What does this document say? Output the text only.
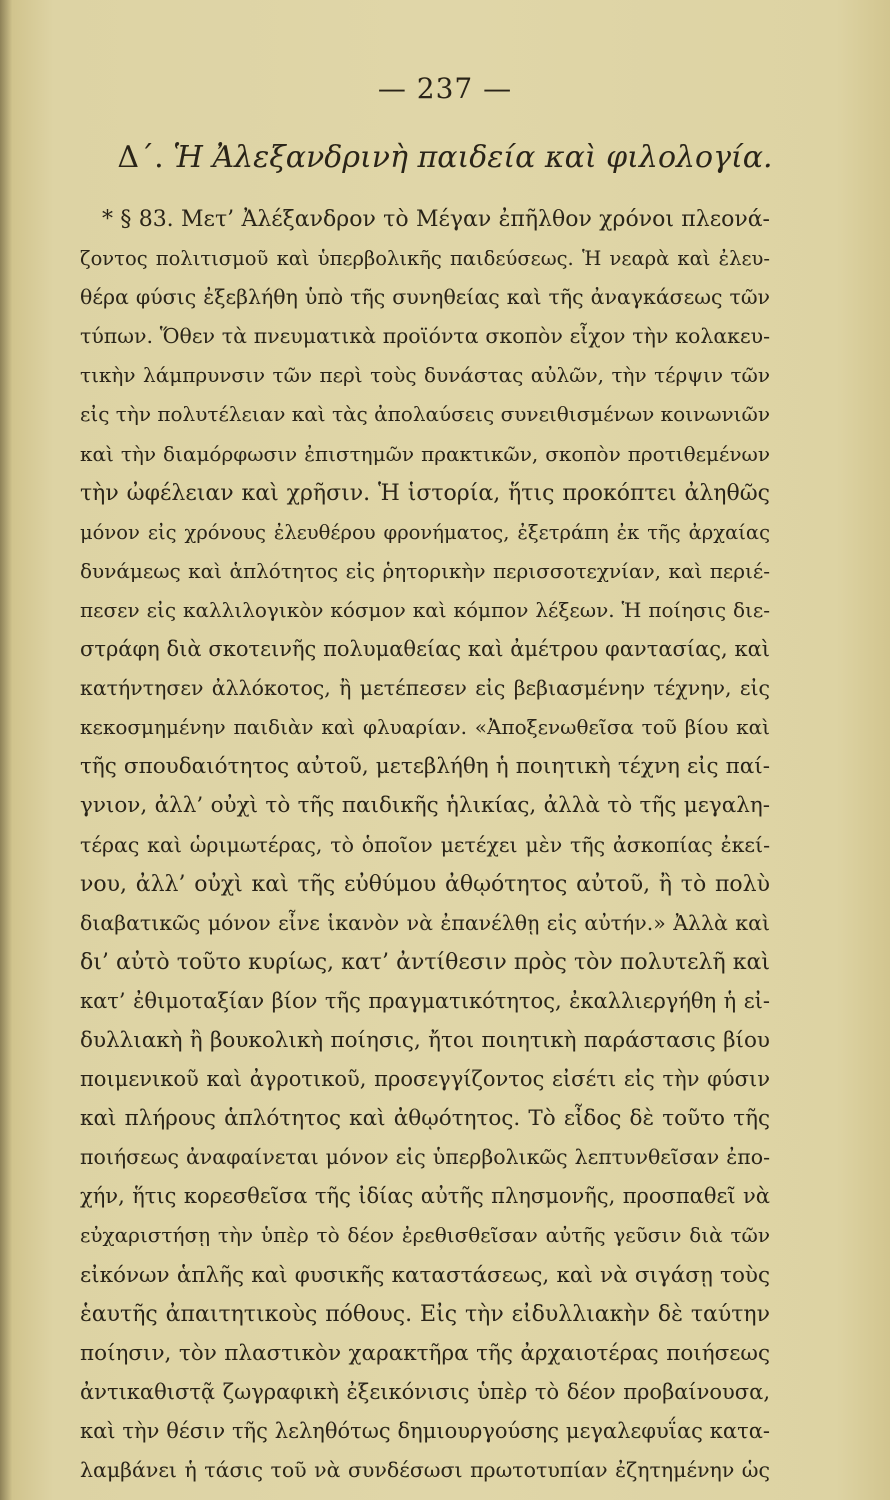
— 237 —
Δ΄. Ἡ Ἀλεξανδρινὴ παιδεία καὶ φιλολογία.
* § 83. Μετ’ Ἀλέξανδρον τὸ Μέγαν ἐπῆλθον χρόνοι πλεονά-
ζοντος πολιτισμοῦ καὶ ὑπερβολικῆς παιδεύσεως. Ἡ νεαρὰ καὶ ἐλευ-
θέρα φύσις ἐξεβλήθη ὑπὸ τῆς συνηθείας καὶ τῆς ἀναγκάσεως τῶν
τύπων. Ὅθεν τὰ πνευματικὰ προϊόντα σκοπὸν εἶχον τὴν κολακευ-
τικὴν λάμπρυνσιν τῶν περὶ τοὺς δυνάστας αὐλῶν, τὴν τέρψιν τῶν
εἰς τὴν πολυτέλειαν καὶ τὰς ἀπολαύσεις συνειθισμένων κοινωνιῶν
καὶ τὴν διαμόρφωσιν ἐπιστημῶν πρακτικῶν, σκοπὸν προτιθεμένων
τὴν ὠφέλειαν καὶ χρῆσιν. Ἡ ἱστορία, ἥτις προκόπτει ἀληθῶς
μόνον εἰς χρόνους ἐλευθέρου φρονήματος, ἐξετράπη ἐκ τῆς ἀρχαίας
δυνάμεως καὶ ἁπλότητος εἰς ῥητορικὴν περισσοτεχνίαν, καὶ περιέ-
πεσεν εἰς καλλιλογικὸν κόσμον καὶ κόμπον λέξεων. Ἡ ποίησις διε-
στράφη διὰ σκοτεινῆς πολυμαθείας καὶ ἀμέτρου φαντασίας, καὶ
κατήντησεν ἀλλόκοτος, ἢ μετέπεσεν εἰς βεβιασμένην τέχνην, εἰς
κεκοσμημένην παιδιὰν καὶ φλυαρίαν. «Ἀποξενωθεῖσα τοῦ βίου καὶ
τῆς σπουδαιότητος αὐτοῦ, μετεβλήθη ἡ ποιητικὴ τέχνη εἰς παί-
γνιον, ἀλλ’ οὐχὶ τὸ τῆς παιδικῆς ἡλικίας, ἀλλὰ τὸ τῆς μεγαλη-
τέρας καὶ ὡριμωτέρας, τὸ ὁποῖον μετέχει μὲν τῆς ἀσκοπίας ἐκεί-
νου, ἀλλ’ οὐχὶ καὶ τῆς εὐθύμου ἀθῳότητος αὐτοῦ, ἢ τὸ πολὺ
διαβατικῶς μόνον εἶνε ἱκανὸν νὰ ἐπανέλθῃ εἰς αὐτήν.» Ἀλλὰ καὶ
δι’ αὐτὸ τοῦτο κυρίως, κατ’ ἀντίθεσιν πρὸς τὸν πολυτελῆ καὶ
κατ’ ἐθιμοταξίαν βίον τῆς πραγματικότητος, ἐκαλλιεργήθη ἡ εἰ-
δυλλιακὴ ἢ βουκολικὴ ποίησις, ἤτοι ποιητικὴ παράστασις βίου
ποιμενικοῦ καὶ ἀγροτικοῦ, προσεγγίζοντος εἰσέτι εἰς τὴν φύσιν
καὶ πλήρους ἁπλότητος καὶ ἀθῳότητος. Τὸ εἶδος δὲ τοῦτο τῆς
ποιήσεως ἀναφαίνεται μόνον εἰς ὑπερβολικῶς λεπτυνθεῖσαν ἐπο-
χήν, ἥτις κορεσθεῖσα τῆς ἰδίας αὐτῆς πλησμονῆς, προσπαθεῖ νὰ
εὐχαριστήσῃ τὴν ὑπὲρ τὸ δέον ἐρεθισθεῖσαν αὐτῆς γεῦσιν διὰ τῶν
εἰκόνων ἁπλῆς καὶ φυσικῆς καταστάσεως, καὶ νὰ σιγάσῃ τοὺς
ἑαυτῆς ἀπαιτητικοὺς πόθους. Εἰς τὴν εἰδυλλιακὴν δὲ ταύτην
ποίησιν, τὸν πλαστικὸν χαρακτῆρα τῆς ἀρχαιοτέρας ποιήσεως
ἀντικαθιστᾷ ζωγραφικὴ ἐξεικόνισις ὑπὲρ τὸ δέον προβαίνουσα,
καὶ τὴν θέσιν τῆς λεληθότως δημιουργούσης μεγαλεφυΐας κατα-
λαμβάνει ἡ τάσις τοῦ νὰ συνδέσωσι πρωτοτυπίαν ἐζητημένην ὡς
